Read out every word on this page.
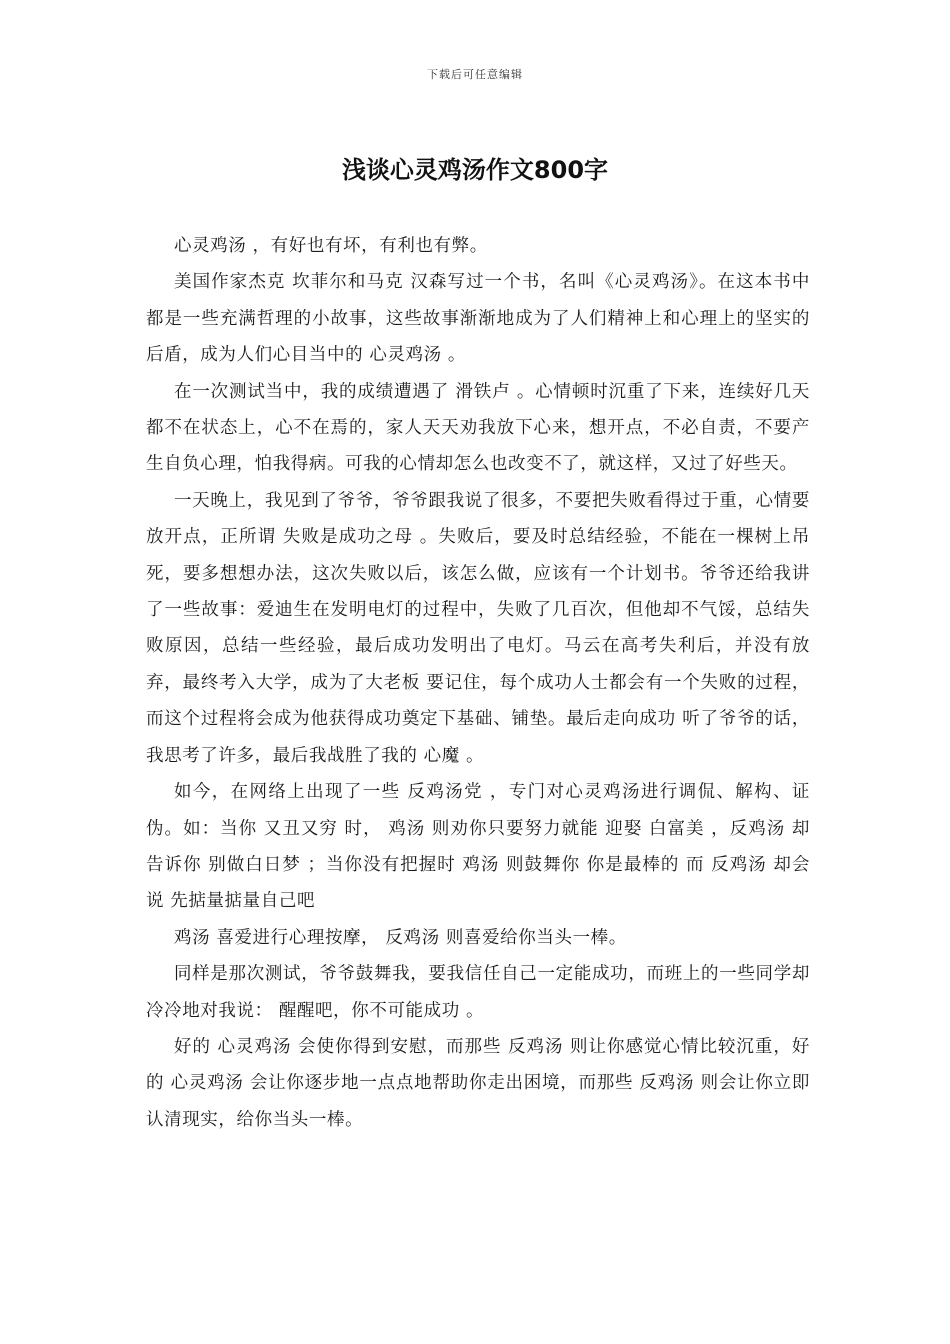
下载后可任意编辑
浅谈心灵鸡汤作文800字

心灵鸡汤 ，有好也有坏，有利也有弊。

美国作家杰克 坎菲尔和马克 汉森写过一个书，名叫《心灵鸡汤》。在这本书中都是一些充满哲理的小故事，这些故事渐渐地成为了人们精神上和心理上的坚实的后盾，成为人们心目当中的 心灵鸡汤 。

在一次测试当中，我的成绩遭遇了 滑铁卢 。心情顿时沉重了下来，连续好几天都不在状态上，心不在焉的，家人天天劝我放下心来，想开点，不必自责，不要产生自负心理，怕我得病。可我的心情却怎么也改变不了，就这样，又过了好些天。

一天晚上，我见到了爷爷，爷爷跟我说了很多，不要把失败看得过于重，心情要放开点，正所谓 失败是成功之母 。失败后，要及时总结经验，不能在一棵树上吊死，要多想想办法，这次失败以后，该怎么做，应该有一个计划书。爷爷还给我讲了一些故事：爱迪生在发明电灯的过程中，失败了几百次，但他却不气馁，总结失败原因，总结一些经验，最后成功发明出了电灯。马云在高考失利后，并没有放弃，最终考入大学，成为了大老板 要记住，每个成功人士都会有一个失败的过程，而这个过程将会成为他获得成功奠定下基础、铺垫。最后走向成功 听了爷爷的话，我思考了许多，最后我战胜了我的 心魔 。

如今，在网络上出现了一些 反鸡汤党 ，专门对心灵鸡汤进行调侃、解构、证伪。如：当你 又丑又穷 时， 鸡汤 则劝你只要努力就能 迎娶 白富美 ，反鸡汤 却告诉你 别做白日梦 ；当你没有把握时 鸡汤 则鼓舞你 你是最棒的 而 反鸡汤 却会说 先掂量掂量自己吧

鸡汤 喜爱进行心理按摩， 反鸡汤 则喜爱给你当头一棒。

同样是那次测试，爷爷鼓舞我，要我信任自己一定能成功，而班上的一些同学却冷冷地对我说： 醒醒吧，你不可能成功 。

好的 心灵鸡汤 会使你得到安慰，而那些 反鸡汤 则让你感觉心情比较沉重，好的 心灵鸡汤 会让你逐步地一点点地帮助你走出困境，而那些 反鸡汤 则会让你立即认清现实，给你当头一棒。
